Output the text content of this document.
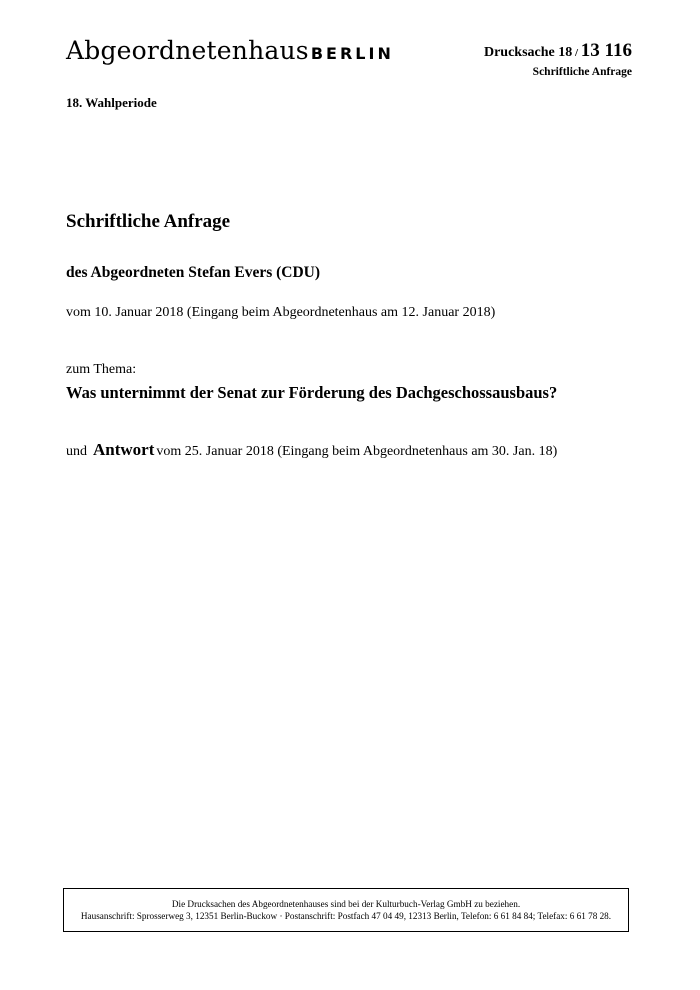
Abgeordnetenhaus BERLIN	Drucksache 18 / 13 116
Schriftliche Anfrage
18. Wahlperiode
Schriftliche Anfrage
des Abgeordneten Stefan Evers (CDU)
vom 10. Januar 2018 (Eingang beim Abgeordnetenhaus am 12. Januar 2018)
zum Thema:
Was unternimmt der Senat zur Förderung des Dachgeschossausbaus?
und Antwort vom 25. Januar 2018 (Eingang beim Abgeordnetenhaus am 30. Jan. 18)
Die Drucksachen des Abgeordnetenhauses sind bei der Kulturbuch-Verlag GmbH zu beziehen.
Hausanschrift: Sprosserweg 3, 12351 Berlin-Buckow · Postanschrift: Postfach 47 04 49, 12313 Berlin, Telefon: 6 61 84 84; Telefax: 6 61 78 28.
